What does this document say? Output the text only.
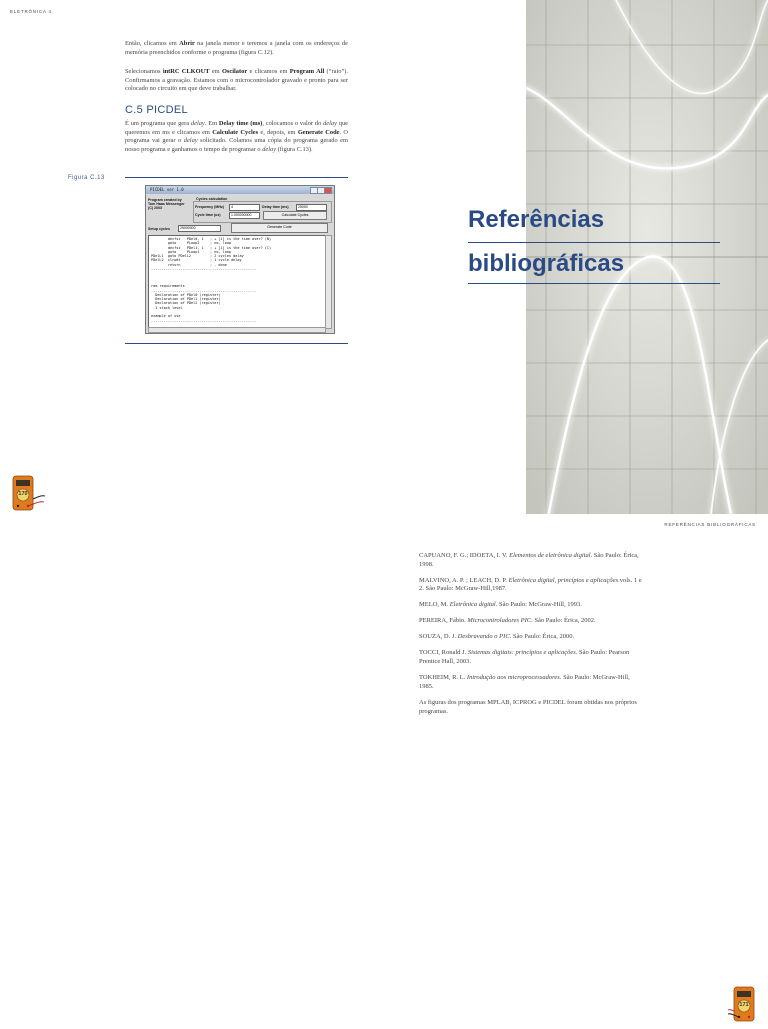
ELETRÔNICA 4

Então, clicamos em Abrir na janela menor e teremos a janela com os endereços de memória preenchidos conforme o programa (figura C.12).

Selecionamos intRC CLKOUT em Oscilator e clicamos em Program All (“raio”). Confirmamos a gravação. Estamos com o microcontrolador gravado e pronto para ser colocado no circuito em que deve trabalhar.

C.5 PICDEL

É um programa que gera delay. Em Delay time (ms), colocamos o valor do delay que queremos em ms e clicamos em Calculate Cycles e, depois, em Generate Code. O programa vai gerar o delay solicitado. Colamos uma cópia do programa gerado em nosso programa e ganhamos o tempo de programar o delay (figura C.13).

Figura C.13
PICDEL ver 1.0
Program created by
Tom Haas Messenger
(C) 2003
Cycles calculation
Frequency (MHz)	4	Delay time (ms)	25000
Cycle time (us)	1.000000000	Calculate Cycles
Setup cycles	25000000	Generate Code
decfsz   PDel0, 1   ; + [1] is the time over? (N)
goto     PLoop2     ; no, loop
decfsz   PDel1, 1   ; + [1] is the time over? (C)
goto     PLoop1     ; no, loop
PDelL1  goto PDelL2         ; 2 cycles delay
PDelL2  clrwdt              ; 1 cycle delay
return              ; - done
--------------------------------------------------

ram requirements
--------------------------------------------------
Declaration of PDel0 (register)
Declaration of PDel1 (register)
Declaration of PDel2 (register)
1 stack level

example of use
--------------------------------------------------

170
Referências
bibliográficas
REFERÊNCIAS BIBLIOGRÁFICAS

CAPUANO, F. G.; IDOETA, I. V. Elementos de eletrônica digital. São Paulo: Érica, 1998.

MALVINO, A. P. ; LEACH, D. P. Eletrônica digital, princípios e aplicações.vols. 1 e 2. São Paulo: McGraw-Hill,1987.

MELO, M. Eletrônica digital. São Paulo: McGraw-Hill, 1993.

PEREIRA, Fábio. Microcontroladores PIC. São Paulo: Érica, 2002.

SOUZA, D. J. Desbravando o PIC. São Paulo: Érica, 2000.

TOCCI, Ronald J. Sistemas digitais: princípios e aplicações. São Paulo: Pearson Prentice Hall, 2003.

TOKHEIM, R. L. Introdução aos microprocessadores. São Paulo: McGraw-Hill, 1985.

As figuras dos programas MPLAB, ICPROG e PICDEL foram obtidas nos próprios programas.

171
